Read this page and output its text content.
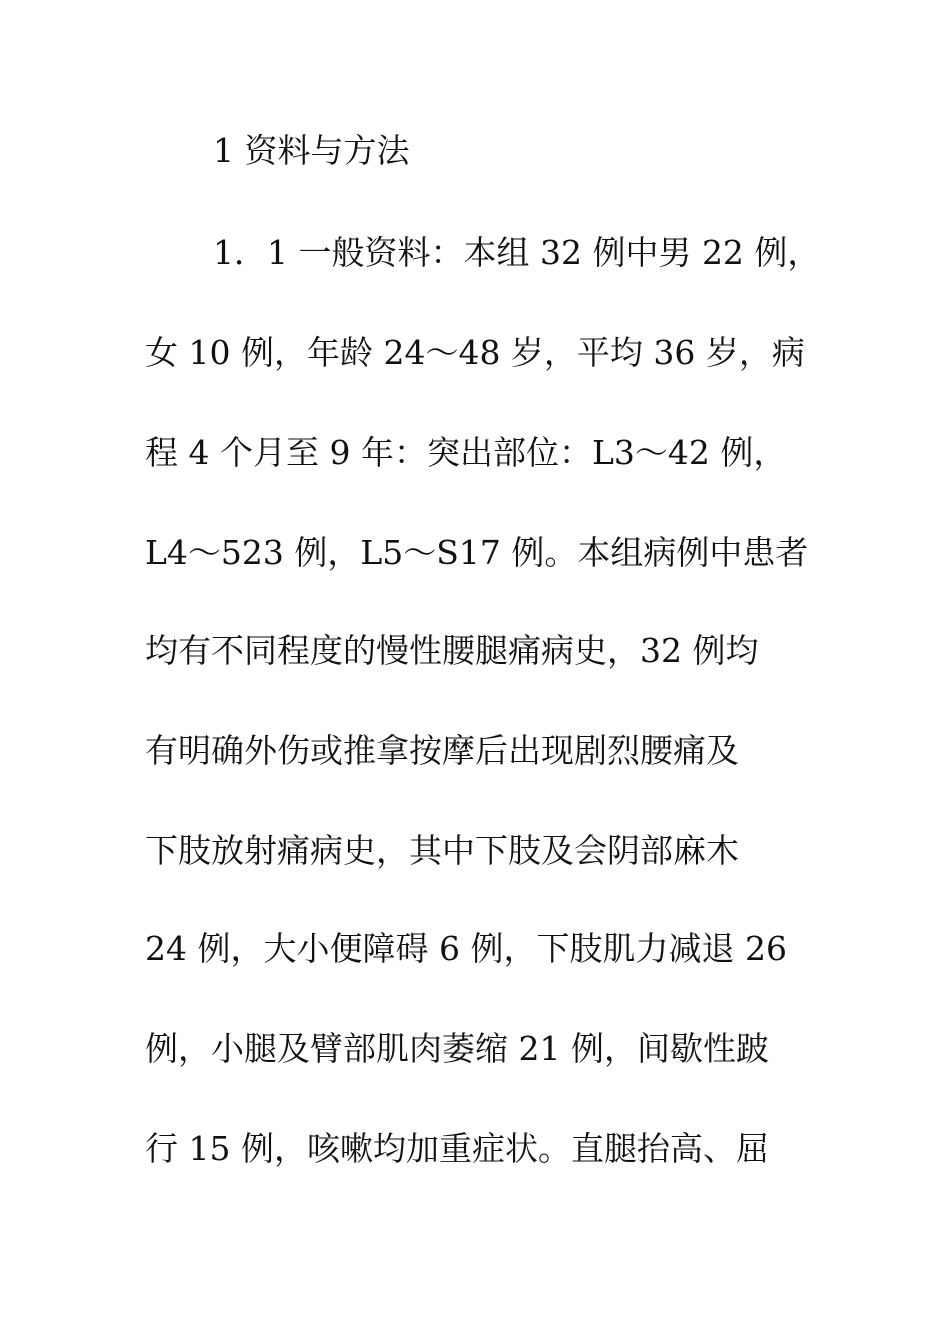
1 资料与方法
1．1 一般资料：本组 32 例中男 22 例，
女 10 例，年龄 24～48 岁，平均 36 岁，病
程 4 个月至 9 年：突出部位：L3～42 例，
L4～523 例，L5～S17 例。本组病例中患者
均有不同程度的慢性腰腿痛病史，32 例均
有明确外伤或推拿按摩后出现剧烈腰痛及
下肢放射痛病史，其中下肢及会阴部麻木
24 例，大小便障碍 6 例，下肢肌力减退 26
例，小腿及臂部肌肉萎缩 21 例，间歇性跛
行 15 例，咳嗽均加重症状。直腿抬高、屈
